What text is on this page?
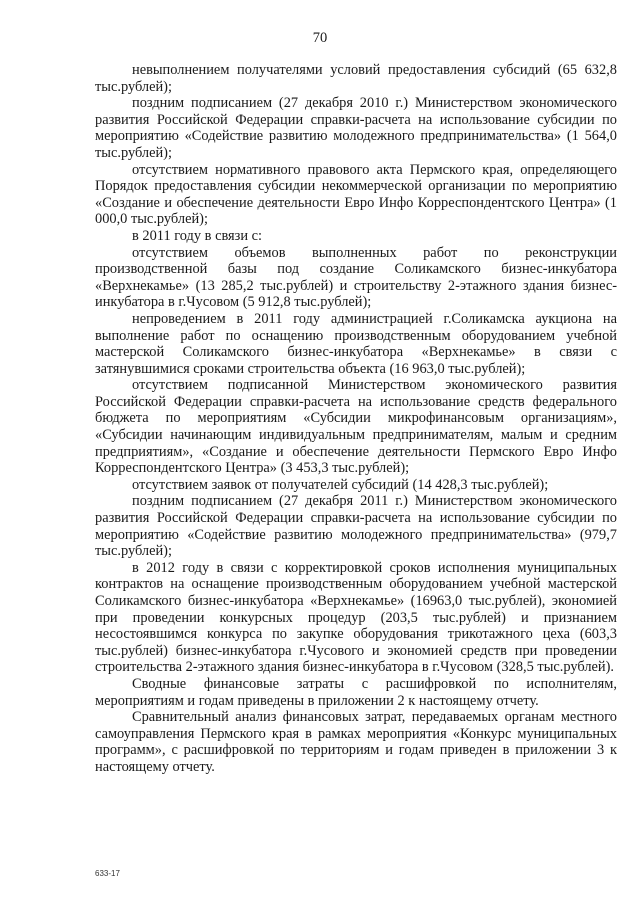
70

невыполнением получателями условий предоставления субсидий (65 632,8 тыс.рублей);

поздним подписанием (27 декабря 2010 г.) Министерством экономического развития Российской Федерации справки-расчета на использование субсидии по мероприятию «Содействие развитию молодежного предпринимательства» (1 564,0 тыс.рублей);

отсутствием нормативного правового акта Пермского края, определяющего Порядок предоставления субсидии некоммерческой организации по мероприятию «Создание и обеспечение деятельности Евро Инфо Корреспондентского Центра» (1 000,0 тыс.рублей);

в 2011 году в связи с:

отсутствием объемов выполненных работ по реконструкции производственной базы под создание Соликамского бизнес-инкубатора «Верхнекамье» (13 285,2 тыс.рублей) и строительству 2-этажного здания бизнес-инкубатора в г.Чусовом (5 912,8 тыс.рублей);

непроведением в 2011 году администрацией г.Соликамска аукциона на выполнение работ по оснащению производственным оборудованием учебной мастерской Соликамского бизнес-инкубатора «Верхнекамье» в связи с затянувшимися сроками строительства объекта (16 963,0 тыс.рублей);

отсутствием подписанной Министерством экономического развития Российской Федерации справки-расчета на использование средств федерального бюджета по мероприятиям «Субсидии микрофинансовым организациям», «Субсидии начинающим индивидуальным предпринимателям, малым и средним предприятиям», «Создание и обеспечение деятельности Пермского Евро Инфо Корреспондентского Центра» (3 453,3 тыс.рублей);

отсутствием заявок от получателей субсидий (14 428,3 тыс.рублей);

поздним подписанием (27 декабря 2011 г.) Министерством экономического развития Российской Федерации справки-расчета на использование субсидии по мероприятию «Содействие развитию молодежного предпринимательства» (979,7 тыс.рублей);

в 2012 году в связи с корректировкой сроков исполнения муниципальных контрактов на оснащение производственным оборудованием учебной мастерской Соликамского бизнес-инкубатора «Верхнекамье» (16963,0 тыс.рублей), экономией при проведении конкурсных процедур (203,5 тыс.рублей) и признанием несостоявшимся конкурса по закупке оборудования трикотажного цеха (603,3 тыс.рублей) бизнес-инкубатора г.Чусового и экономией средств при проведении строительства 2-этажного здания бизнес-инкубатора в г.Чусовом (328,5 тыс.рублей).

Сводные финансовые затраты с расшифровкой по исполнителям, мероприятиям и годам приведены в приложении 2 к настоящему отчету.

Сравнительный анализ финансовых затрат, передаваемых органам местного самоуправления Пермского края в рамках мероприятия «Конкурс муниципальных программ», с расшифровкой по территориям и годам приведен в приложении 3 к настоящему отчету.

633-17
